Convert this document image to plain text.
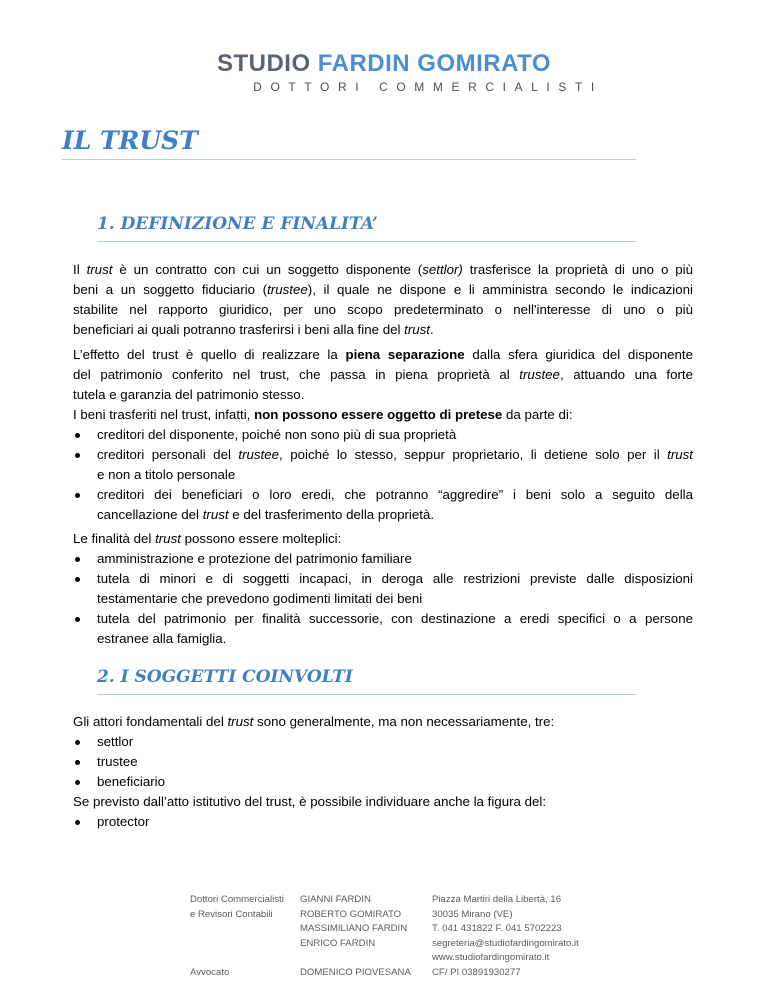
STUDIO FARDIN GOMIRATO
DOTTORI COMMERCIALISTI
IL TRUST
1. DEFINIZIONE E FINALITA’
Il trust è un contratto con cui un soggetto disponente (settlor) trasferisce la proprietà di uno o più
beni a un soggetto fiduciario (trustee), il quale ne dispone e li amministra secondo le indicazioni
stabilite nel rapporto giuridico, per uno scopo predeterminato o nell'interesse di uno o più
beneficiari ai quali potranno trasferirsi i beni alla fine del trust.
L’effetto del trust è quello di realizzare la piena separazione dalla sfera giuridica del disponente
del patrimonio conferito nel trust, che passa in piena proprietà al trustee, attuando una forte
tutela e garanzia del patrimonio stesso.
I beni trasferiti nel trust, infatti, non possono essere oggetto di pretese da parte di:
creditori del disponente, poiché non sono più di sua proprietà
creditori personali del trustee, poiché lo stesso, seppur proprietario, li detiene solo per il trust
e non a titolo personale
creditori dei beneficiari o loro eredi, che potranno “aggredire” i beni solo a seguito della
cancellazione del trust e del trasferimento della proprietà.
Le finalità del trust possono essere molteplici:
amministrazione e protezione del patrimonio familiare
tutela di minori e di soggetti incapaci, in deroga alle restrizioni previste dalle disposizioni
testamentarie che prevedono godimenti limitati dei beni
tutela del patrimonio per finalità successorie, con destinazione a eredi specifici o a persone
estranee alla famiglia.
2. I SOGGETTI COINVOLTI
Gli attori fondamentali del trust sono generalmente, ma non necessariamente, tre:
settlor
trustee
beneficiario
Se previsto dall’atto istitutivo del trust, è possibile individuare anche la figura del:
protector
Dottori Commercialisti
e Revisori Contabili

Avvocato
GIANNI FARDIN
ROBERTO GOMIRATO
MASSIMILIANO FARDIN
ENRICO FARDIN

DOMENICO PIOVESANA
Piazza Martiri della Libertà, 16
30035 Mirano (VE)
T. 041 431822 F. 041 5702223
segreteria@studiofardingomirato.it
www.studiofardingomirato.it
CF/ PI 03891930277
